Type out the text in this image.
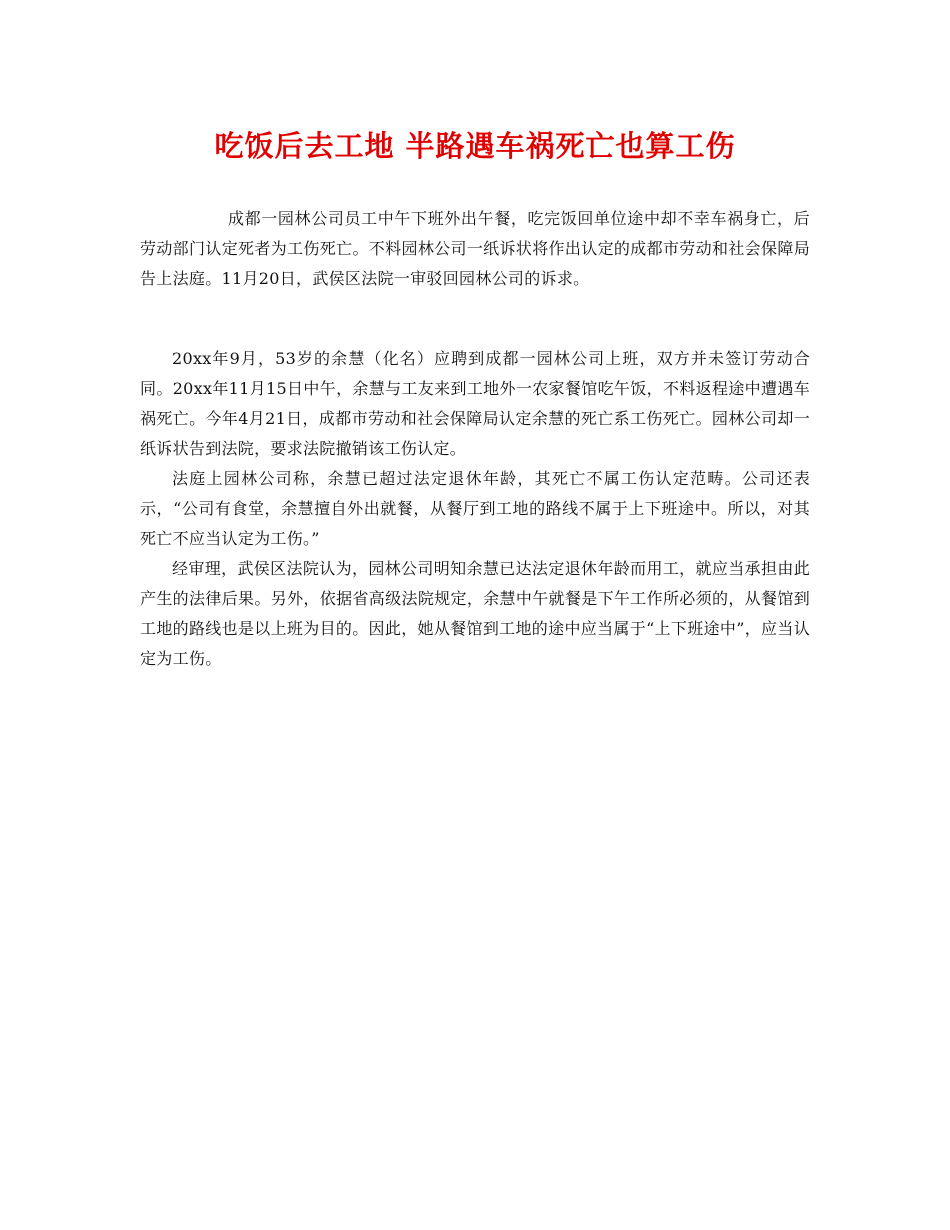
吃饭后去工地 半路遇车祸死亡也算工伤

成都一园林公司员工中午下班外出午餐，吃完饭回单位途中却不幸车祸身亡，后劳动部门认定死者为工伤死亡。不料园林公司一纸诉状将作出认定的成都市劳动和社会保障局告上法庭。11月20日，武侯区法院一审驳回园林公司的诉求。

20xx年9月，53岁的余慧（化名）应聘到成都一园林公司上班，双方并未签订劳动合同。20xx年11月15日中午，余慧与工友来到工地外一农家餐馆吃午饭，不料返程途中遭遇车祸死亡。今年4月21日，成都市劳动和社会保障局认定余慧的死亡系工伤死亡。园林公司却一纸诉状告到法院，要求法院撤销该工伤认定。

法庭上园林公司称，余慧已超过法定退休年龄，其死亡不属工伤认定范畴。公司还表示，“公司有食堂，余慧擅自外出就餐，从餐厅到工地的路线不属于上下班途中。所以，对其死亡不应当认定为工伤。”

经审理，武侯区法院认为，园林公司明知余慧已达法定退休年龄而用工，就应当承担由此产生的法律后果。另外，依据省高级法院规定，余慧中午就餐是下午工作所必须的，从餐馆到工地的路线也是以上班为目的。因此，她从餐馆到工地的途中应当属于“上下班途中”，应当认定为工伤。
